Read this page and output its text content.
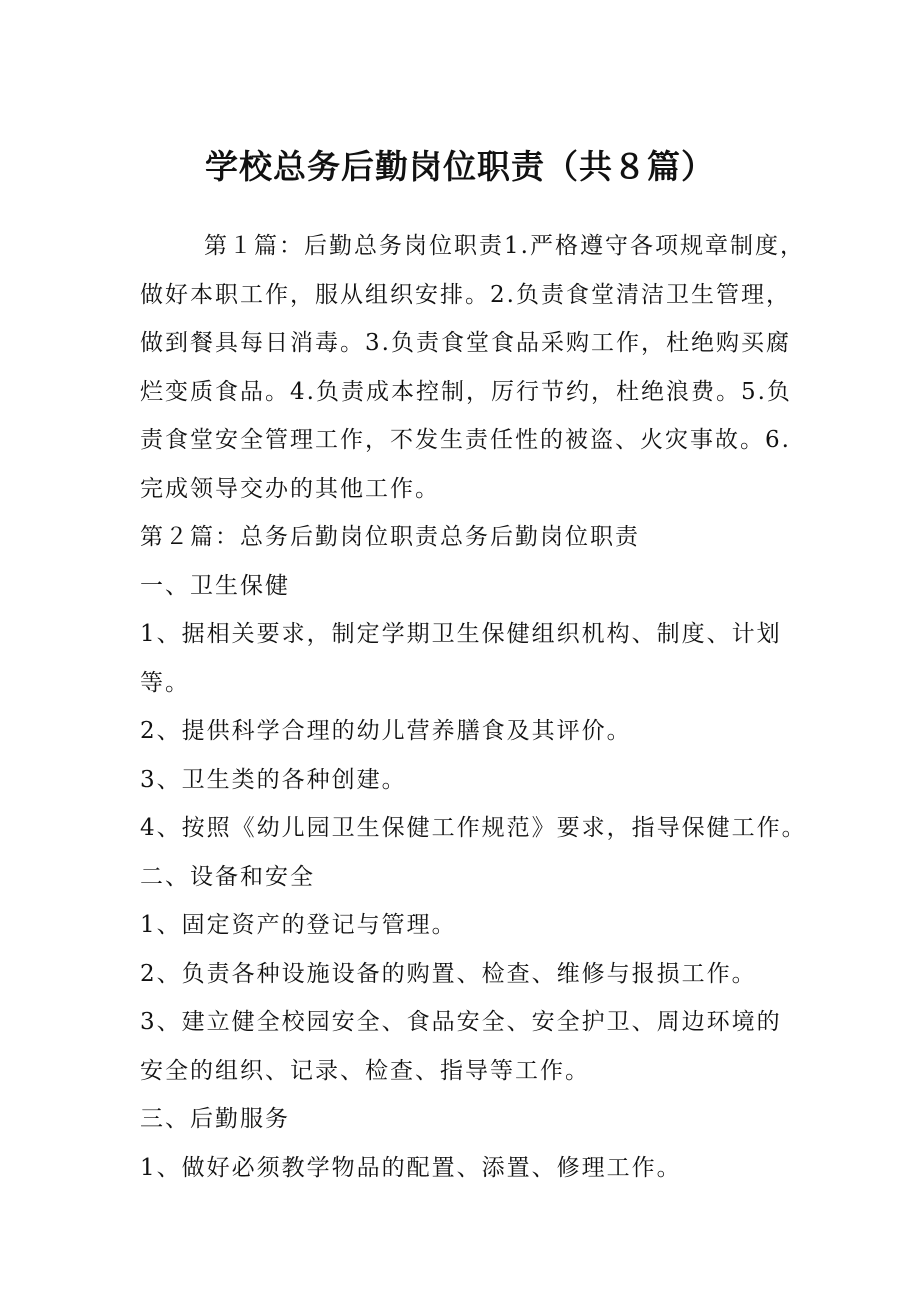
学校总务后勤岗位职责（共８篇）

第１篇：后勤总务岗位职责1.严格遵守各项规章制度，

做好本职工作，服从组织安排。2.负责食堂清洁卫生管理，

做到餐具每日消毒。3.负责食堂食品采购工作，杜绝购买腐

烂变质食品。4.负责成本控制，厉行节约，杜绝浪费。5.负

责食堂安全管理工作，不发生责任性的被盗、火灾事故。6.

完成领导交办的其他工作。

第２篇：总务后勤岗位职责总务后勤岗位职责

一、卫生保健

1、据相关要求，制定学期卫生保健组织机构、制度、计划

等。

2、提供科学合理的幼儿营养膳食及其评价。

3、卫生类的各种创建。

4、按照《幼儿园卫生保健工作规范》要求，指导保健工作。

二、设备和安全

1、固定资产的登记与管理。

2、负责各种设施设备的购置、检查、维修与报损工作。

3、建立健全校园安全、食品安全、安全护卫、周边环境的

安全的组织、记录、检查、指导等工作。

三、后勤服务

1、做好必须教学物品的配置、添置、修理工作。
